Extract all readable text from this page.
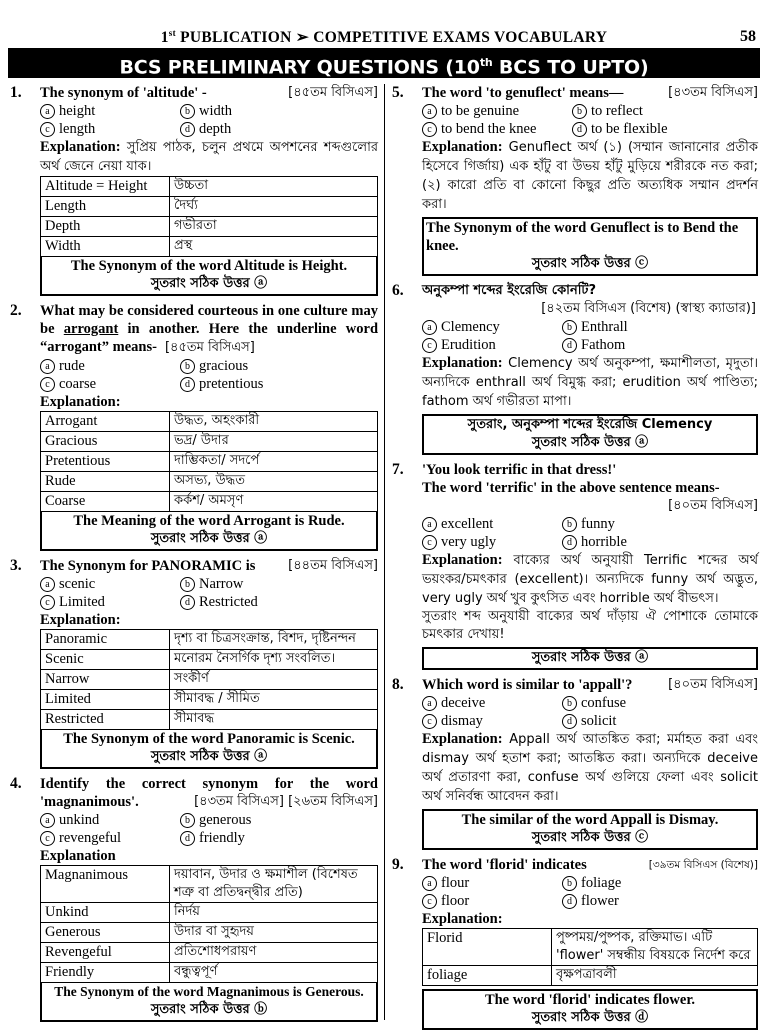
1st PUBLICATION ➢ COMPETITIVE EXAMS VOCABULARY	58
BCS PRELIMINARY QUESTIONS (10th BCS TO UPTO)
1.	The synonym of 'altitude' -	[৪৫তম বিসিএস]
a height	b width
c length	d depth
Explanation: সুপ্রিয় পাঠক, চলুন প্রথমে অপশনের শব্দগুলোর অর্থ জেনে নেয়া যাক।
Altitude = Height	উচ্চতা
Length	দৈর্ঘ্য
Depth	গভীরতা
Width	প্রস্থ
The Synonym of the word Altitude is Height.
সুতরাং সঠিক উত্তর ⓐ
2.	What may be considered courteous in one culture may be arrogant in another. Here the underline word “arrogant” means- [৪৫তম বিসিএস]
a rude	b gracious
c coarse	d pretentious
Explanation:
Arrogant	উদ্ধত, অহংকারী
Gracious	ভদ্র/ উদার
Pretentious	দাম্ভিকতা/ সদর্পে
Rude	অসভ্য, উদ্ধত
Coarse	কর্কশ/ অমসৃণ
The Meaning of the word Arrogant is Rude.
সুতরাং সঠিক উত্তর ⓐ
3.	The Synonym for PANORAMIC is	[৪৪তম বিসিএস]
a scenic	b Narrow
c Limited	d Restricted
Explanation:
Panoramic	দৃশ্য বা চিত্রসংক্রান্ত, বিশদ, দৃষ্টিনন্দন
Scenic	মনোরম নৈসর্গিক দৃশ্য সংবলিত।
Narrow	সংকীর্ণ
Limited	সীমাবদ্ধ / সীমিত
Restricted	সীমাবদ্ধ
The Synonym of the word Panoramic is Scenic.
সুতরাং সঠিক উত্তর ⓐ
4.	Identify the correct synonym for the word 'magnanimous'.	[৪৩তম বিসিএস] [২৬তম বিসিএস]
a unkind	b generous
c revengeful	d friendly
Explanation
Magnanimous	দয়াবান, উদার ও ক্ষমাশীল (বিশেষত শত্রু বা প্রতিদ্বন্দ্বীর প্রতি)
Unkind	নির্দয়
Generous	উদার বা সুহৃদয়
Revengeful	প্রতিশোধপরায়ণ
Friendly	বন্ধুত্বপূর্ণ
The Synonym of the word Magnanimous is Generous.
সুতরাং সঠিক উত্তর ⓑ
5.	The word 'to genuflect' means—	[৪৩তম বিসিএস]
a to be genuine	b to reflect
c to bend the knee	d to be flexible
Explanation: Genuflect অর্থ (১) (সম্মান জানানোর প্রতীক হিসেবে গির্জায়) এক হাঁটু বা উভয় হাঁটু মুড়িয়ে শরীরকে নত করা; (২) কারো প্রতি বা কোনো কিছুর প্রতি অত্যধিক সম্মান প্রদর্শন করা।
The Synonym of the word Genuflect is to Bend the knee.
সুতরাং সঠিক উত্তর ⓒ
6.	অনুকম্পা শব্দের ইংরেজি কোনটি?
[৪২তম বিসিএস (বিশেষ) (স্বাস্থ্য ক্যাডার)]
a Clemency	b Enthrall
c Erudition	d Fathom
Explanation: Clemency অর্থ অনুকম্পা, ক্ষমাশীলতা, মৃদুতা। অন্যদিকে enthrall অর্থ বিমুগ্ধ করা; erudition অর্থ পাণ্ডিত্য; fathom অর্থ গভীরতা মাপা।
সুতরাং, অনুকম্পা শব্দের ইংরেজি Clemency
সুতরাং সঠিক উত্তর ⓐ
7.	'You look terrific in that dress!'
The word 'terrific' in the above sentence means-
[৪০তম বিসিএস]
a excellent	b funny
c very ugly	d horrible
Explanation: বাক্যের অর্থ অনুযায়ী Terrific শব্দের অর্থ ভয়ংকর/চমৎকার (excellent)। অন্যদিকে funny অর্থ অদ্ভুত, very ugly অর্থ খুব কুৎসিত এবং horrible অর্থ বীভৎস।
সুতরাং শব্দ অনুযায়ী বাক্যের অর্থ দাঁড়ায় ঐ পোশাকে তোমাকে চমৎকার দেখায়!
সুতরাং সঠিক উত্তর ⓐ
8.	Which word is similar to 'appall'?	[৪০তম বিসিএস]
a deceive	b confuse
c dismay	d solicit
Explanation: Appall অর্থ আতঙ্কিত করা; মর্মাহত করা এবং dismay অর্থ হতাশ করা; আতঙ্কিত করা। অন্যদিকে deceive অর্থ প্রতারণা করা, confuse অর্থ গুলিয়ে ফেলা এবং solicit অর্থ সনির্বন্ধ আবেদন করা।
The similar of the word Appall is Dismay.
সুতরাং সঠিক উত্তর ⓒ
9.	The word 'florid' indicates	[৩৯তম বিসিএস (বিশেষ)]
a flour	b foliage
c floor	d flower
Explanation:
Florid	পুষ্পময়/পুষ্পক, রক্তিমাভ। এটি 'flower' সম্বন্ধীয় বিষয়কে নির্দেশ করে
foliage	বৃক্ষপত্রাবলী
The word 'florid' indicates flower.
সুতরাং সঠিক উত্তর ⓓ
